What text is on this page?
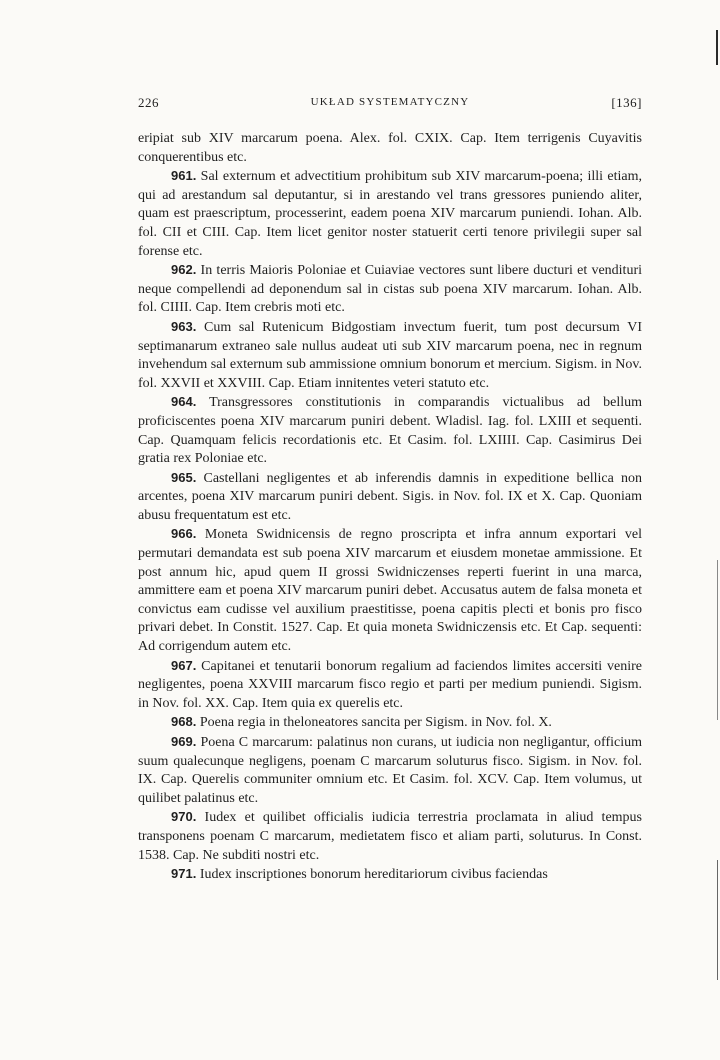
226	UKŁAD SYSTEMATYCZNY	[136]

eripiat sub XIV marcarum poena. Alex. fol. CXIX. Cap. Item terrigenis Cuyavitis conquerentibus etc.

961. Sal externum et advectitium prohibitum sub XIV marcarum-poena; illi etiam, qui ad arestandum sal deputantur, si in arestando vel trans gressores puniendo aliter, quam est praescriptum, processerint, eadem poena XIV marcarum puniendi. Iohan. Alb. fol. CII et CIII. Cap. Item licet genitor noster statuerit certi tenore privilegii super sal forense etc.

962. In terris Maioris Poloniae et Cuiaviae vectores sunt libere ducturi et vendituri neque compellendi ad deponendum sal in cistas sub poena XIV marcarum. Iohan. Alb. fol. CIIII. Cap. Item crebris moti etc.

963. Cum sal Rutenicum Bidgostiam invectum fuerit, tum post decursum VI septimanarum extraneo sale nullus audeat uti sub XIV marcarum poena, nec in regnum invehendum sal externum sub ammissione omnium bonorum et mercium. Sigism. in Nov. fol. XXVII et XXVIII. Cap. Etiam innitentes veteri statuto etc.

964. Transgressores constitutionis in comparandis victualibus ad bellum proficiscentes poena XIV marcarum puniri debent. Wladisl. Iag. fol. LXIII et sequenti. Cap. Quamquam felicis recordationis etc. Et Casim. fol. LXIIII. Cap. Casimirus Dei gratia rex Poloniae etc.

965. Castellani negligentes et ab inferendis damnis in expeditione bellica non arcentes, poena XIV marcarum puniri debent. Sigis. in Nov. fol. IX et X. Cap. Quoniam abusu frequentatum est etc.

966. Moneta Swidnicensis de regno proscripta et infra annum exportari vel permutari demandata est sub poena XIV marcarum et eiusdem monetae ammissione. Et post annum hic, apud quem II grossi Swidniczenses reperti fuerint in una marca, ammittere eam et poena XIV marcarum puniri debet. Accusatus autem de falsa moneta et convictus eam cudisse vel auxilium praestitisse, poena capitis plecti et bonis pro fisco privari debet. In Constit. 1527. Cap. Et quia moneta Swidniczensis etc. Et Cap. sequenti: Ad corrigendum autem etc.

967. Capitanei et tenutarii bonorum regalium ad faciendos limites accersiti venire negligentes, poena XXVIII marcarum fisco regio et parti per medium puniendi. Sigism. in Nov. fol. XX. Cap. Item quia ex querelis etc.

968. Poena regia in theloneatores sancita per Sigism. in Nov. fol. X.

969. Poena C marcarum: palatinus non curans, ut iudicia non negligantur, officium suum qualecunque negligens, poenam C marcarum soluturus fisco. Sigism. in Nov. fol. IX. Cap. Querelis communiter omnium etc. Et Casim. fol. XCV. Cap. Item volumus, ut quilibet palatinus etc.

970. Iudex et quilibet officialis iudicia terrestria proclamata in aliud tempus transponens poenam C marcarum, medietatem fisco et aliam parti, soluturus. In Const. 1538. Cap. Ne subditi nostri etc.

971. Iudex inscriptiones bonorum hereditariorum civibus faciendas
